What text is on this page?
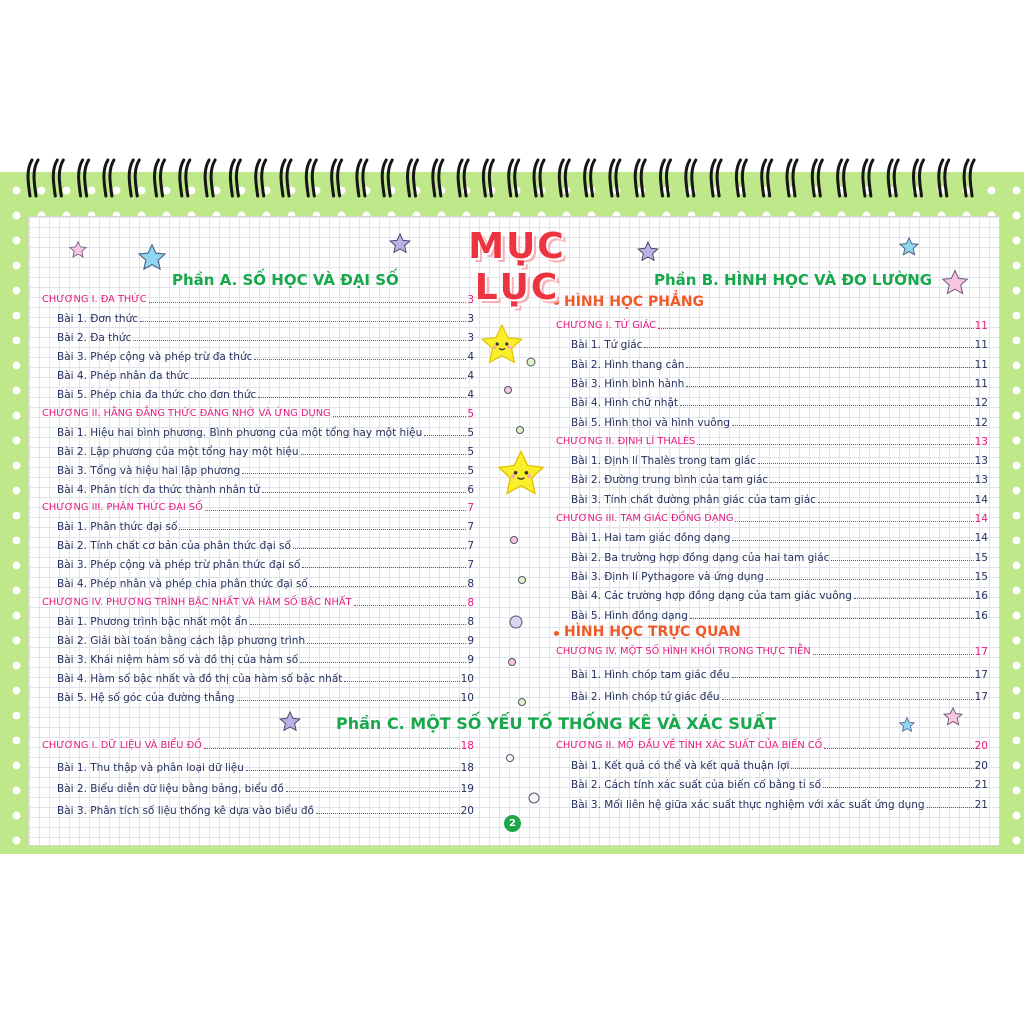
MỤC LỤC
Phần A. SỐ HỌC VÀ ĐẠI SỐ	Phần B. HÌNH HỌC VÀ ĐO LƯỜNG
HÌNH HỌC PHẲNG
HÌNH HỌC TRỰC QUAN
Phần C. MỘT SỐ YẾU TỐ THỐNG KÊ VÀ XÁC SUẤT
CHƯƠNG I. ĐA THỨC	3
Bài 1. Đơn thức	3
Bài 2. Đa thức	3
Bài 3. Phép cộng và phép trừ đa thức	4
Bài 4. Phép nhân đa thức	4
Bài 5. Phép chia đa thức cho đơn thức	4
CHƯƠNG II. HẰNG ĐẲNG THỨC ĐÁNG NHỚ VÀ ỨNG DỤNG	5
Bài 1. Hiệu hai bình phương. Bình phương của một tổng hay một hiệu	5
Bài 2. Lập phương của một tổng hay một hiệu	5
Bài 3. Tổng và hiệu hai lập phương	5
Bài 4. Phân tích đa thức thành nhân tử	6
CHƯƠNG III. PHÂN THỨC ĐẠI SỐ	7
Bài 1. Phân thức đại số	7
Bài 2. Tính chất cơ bản của phân thức đại số	7
Bài 3. Phép cộng và phép trừ phân thức đại số	7
Bài 4. Phép nhân và phép chia phân thức đại số	8
CHƯƠNG IV. PHƯƠNG TRÌNH BẬC NHẤT VÀ HÀM SỐ BẬC NHẤT	8
Bài 1. Phương trình bậc nhất một ẩn	8
Bài 2. Giải bài toán bằng cách lập phương trình	9
Bài 3. Khái niệm hàm số và đồ thị của hàm số	9
Bài 4. Hàm số bậc nhất và đồ thị của hàm số bậc nhất	10
Bài 5. Hệ số góc của đường thẳng	10
CHƯƠNG I. TỨ GIÁC	11
Bài 1. Tứ giác	11
Bài 2. Hình thang cân	11
Bài 3. Hình bình hành	11
Bài 4. Hình chữ nhật	12
Bài 5. Hình thoi và hình vuông	12
CHƯƠNG II. ĐỊNH LÍ THALÈS	13
Bài 1. Định lí Thalès trong tam giác	13
Bài 2. Đường trung bình của tam giác	13
Bài 3. Tính chất đường phân giác của tam giác	14
CHƯƠNG III. TAM GIÁC ĐỒNG DẠNG	14
Bài 1. Hai tam giác đồng dạng	14
Bài 2. Ba trường hợp đồng dạng của hai tam giác	15
Bài 3. Định lí Pythagore và ứng dụng	15
Bài 4. Các trường hợp đồng dạng của tam giác vuông	16
Bài 5. Hình đồng dạng	16
CHƯƠNG IV. MỘT SỐ HÌNH KHỐI TRONG THỰC TIỄN	17
Bài 1. Hình chóp tam giác đều	17
Bài 2. Hình chóp tứ giác đều	17
CHƯƠNG I. DỮ LIỆU VÀ BIỂU ĐỒ	18
Bài 1. Thu thập và phân loại dữ liệu	18
Bài 2. Biểu diễn dữ liệu bằng bảng, biểu đồ	19
Bài 3. Phân tích số liệu thống kê dựa vào biểu đồ	20
CHƯƠNG II. MỞ ĐẦU VỀ TÍNH XÁC SUẤT CỦA BIẾN CỐ	20
Bài 1. Kết quả có thể và kết quả thuận lợi	20
Bài 2. Cách tính xác suất của biến cố bằng tỉ số	21
Bài 3. Mối liên hệ giữa xác suất thực nghiệm với xác suất ứng dụng	21
2
